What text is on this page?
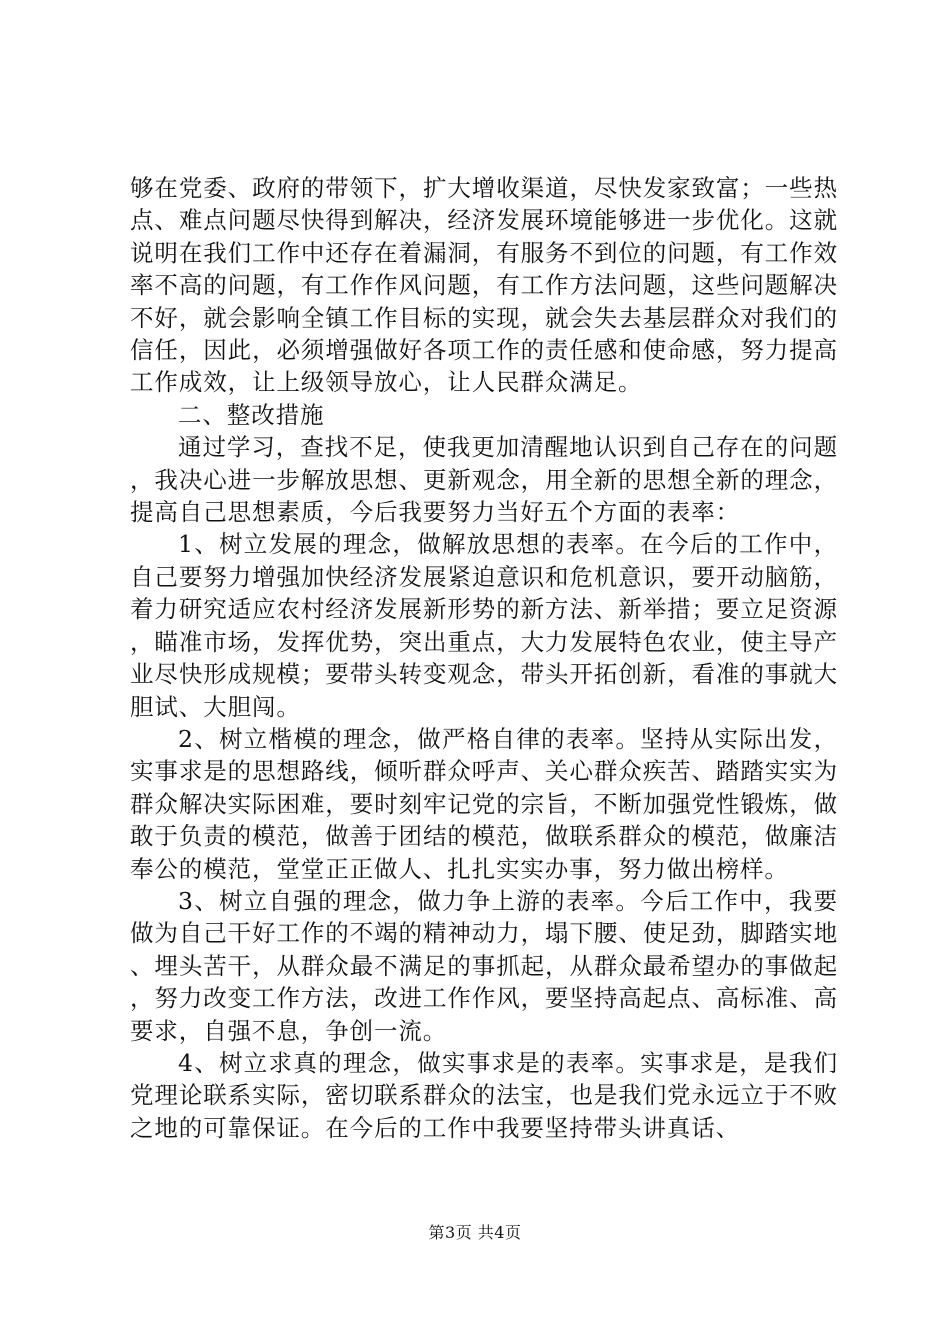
够在党委、政府的带领下，扩大增收渠道，尽快发家致富；一些热点、难点问题尽快得到解决，经济发展环境能够进一步优化。这就说明在我们工作中还存在着漏洞，有服务不到位的问题，有工作效率不高的问题，有工作作风问题，有工作方法问题，这些问题解决不好，就会影响全镇工作目标的实现，就会失去基层群众对我们的信任，因此，必须增强做好各项工作的责任感和使命感，努力提高工作成效，让上级领导放心，让人民群众满足。

二、整改措施

通过学习，查找不足，使我更加清醒地认识到自己存在的问题，我决心进一步解放思想、更新观念，用全新的思想全新的理念，提高自己思想素质，今后我要努力当好五个方面的表率：

1、树立发展的理念，做解放思想的表率。在今后的工作中，自己要努力增强加快经济发展紧迫意识和危机意识，要开动脑筋，着力研究适应农村经济发展新形势的新方法、新举措；要立足资源，瞄准市场，发挥优势，突出重点，大力发展特色农业，使主导产业尽快形成规模；要带头转变观念，带头开拓创新，看准的事就大胆试、大胆闯。

2、树立楷模的理念，做严格自律的表率。坚持从实际出发，实事求是的思想路线，倾听群众呼声、关心群众疾苦、踏踏实实为群众解决实际困难，要时刻牢记党的宗旨，不断加强党性锻炼，做敢于负责的模范，做善于团结的模范，做联系群众的模范，做廉洁奉公的模范，堂堂正正做人、扎扎实实办事，努力做出榜样。

3、树立自强的理念，做力争上游的表率。今后工作中，我要做为自己干好工作的不竭的精神动力，塌下腰、使足劲，脚踏实地、埋头苦干，从群众最不满足的事抓起，从群众最希望办的事做起，努力改变工作方法，改进工作作风，要坚持高起点、高标准、高要求，自强不息，争创一流。

4、树立求真的理念，做实事求是的表率。实事求是，是我们党理论联系实际，密切联系群众的法宝，也是我们党永远立于不败之地的可靠保证。在今后的工作中我要坚持带头讲真话、

第3页 共4页
